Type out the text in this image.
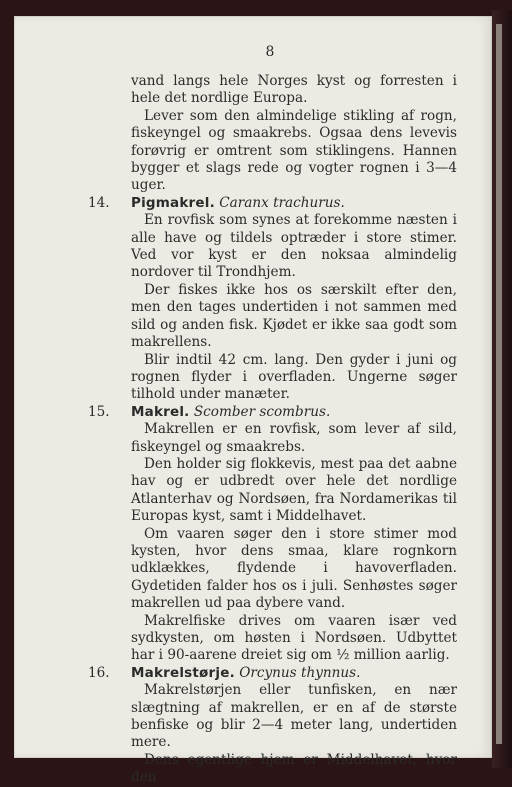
8

vand langs hele Norges kyst og forresten i hele det nordlige Europa.

Lever som den almindelige stikling af rogn, fiskeyngel og smaakrebs. Ogsaa dens levevis forøvrig er omtrent som stiklingens. Hannen bygger et slags rede og vogter rognen i 3—4 uger.

14. Pigmakrel. Caranx trachurus.

En rovfisk som synes at forekomme næsten i alle have og tildels optræder i store stimer. Ved vor kyst er den noksaa almindelig nordover til Trondhjem.

Der fiskes ikke hos os særskilt efter den, men den tages undertiden i not sammen med sild og anden fisk. Kjødet er ikke saa godt som makrellens.

Blir indtil 42 cm. lang. Den gyder i juni og rognen flyder i overfladen. Ungerne søger tilhold under manæter.

15. Makrel. Scomber scombrus.

Makrellen er en rovfisk, som lever af sild, fiskeyngel og smaakrebs.

Den holder sig flokkevis, mest paa det aabne hav og er udbredt over hele det nordlige Atlanterhav og Nordsøen, fra Nordamerikas til Europas kyst, samt i Middelhavet.

Om vaaren søger den i store stimer mod kysten, hvor dens smaa, klare rognkorn udklækkes, flydende i havoverfladen. Gydetiden falder hos os i juli. Senhøstes søger makrellen ud paa dybere vand.

Makrelfiske drives om vaaren især ved sydkysten, om høsten i Nordsøen. Udbyttet har i 90-aarene dreiet sig om ½ million aarlig.

16. Makrelstørje. Orcynus thynnus.

Makrelstørjen eller tunfisken, en nær slægtning af makrellen, er en af de største benfiske og blir 2—4 meter lang, undertiden mere.

Dens egentlige hjem er Middelhavet, hvor den
